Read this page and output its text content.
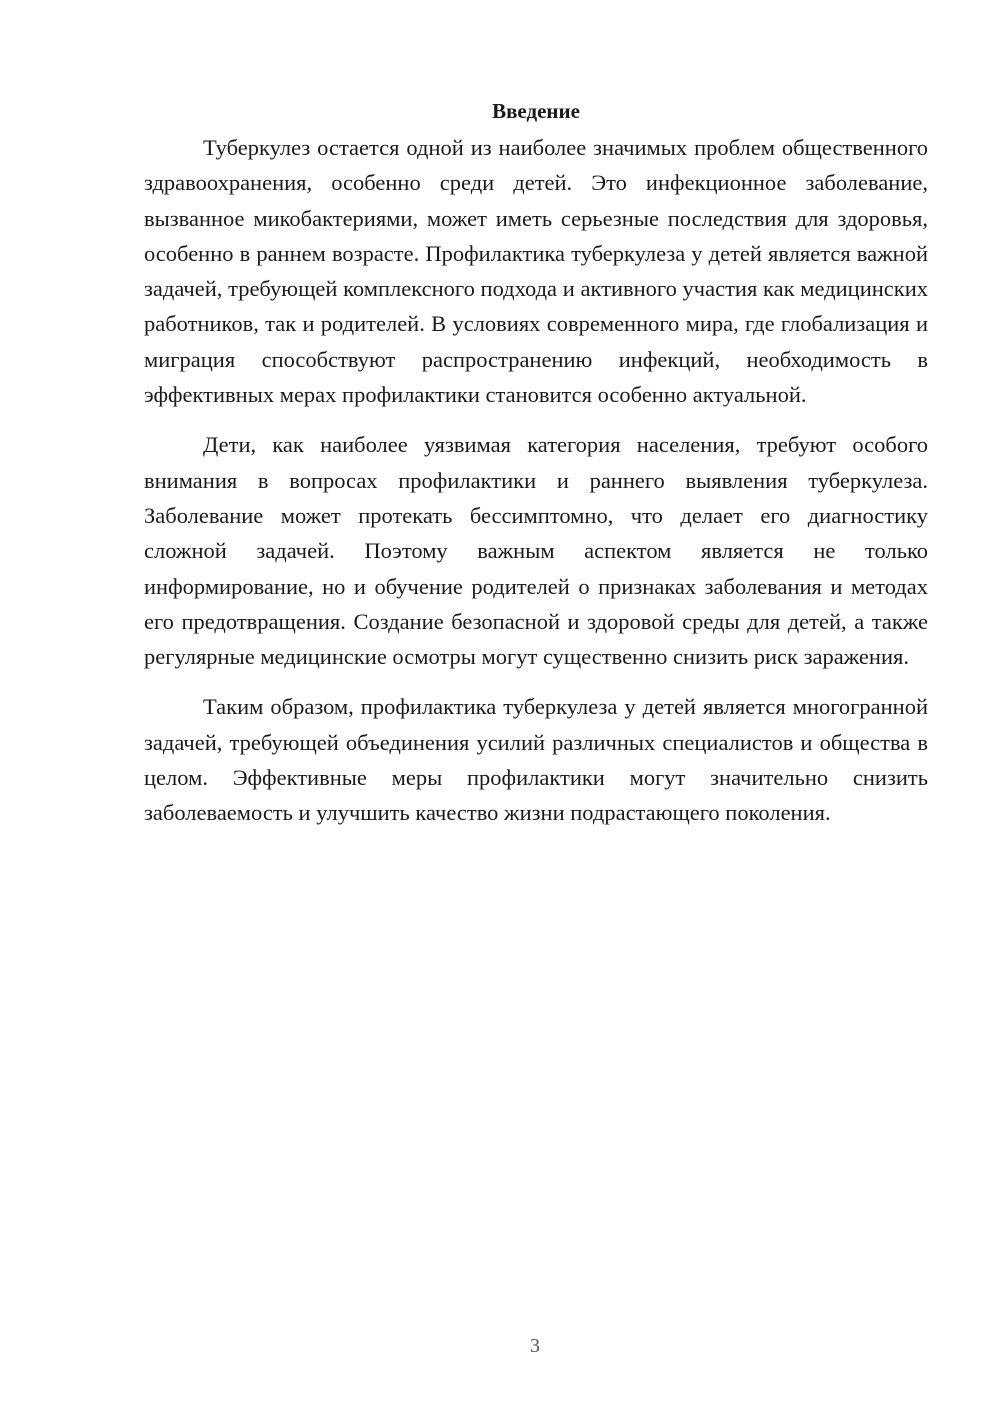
Введение

Туберкулез остается одной из наиболее значимых проблем общественного здравоохранения, особенно среди детей. Это инфекционное заболевание, вызванное микобактериями, может иметь серьезные последствия для здоровья, особенно в раннем возрасте. Профилактика туберкулеза у детей является важной задачей, требующей комплексного подхода и активного участия как медицинских работников, так и родителей. В условиях современного мира, где глобализация и миграция способствуют распространению инфекций, необходимость в эффективных мерах профилактики становится особенно актуальной.

Дети, как наиболее уязвимая категория населения, требуют особого внимания в вопросах профилактики и раннего выявления туберкулеза. Заболевание может протекать бессимптомно, что делает его диагностику сложной задачей. Поэтому важным аспектом является не только информирование, но и обучение родителей о признаках заболевания и методах его предотвращения. Создание безопасной и здоровой среды для детей, а также регулярные медицинские осмотры могут существенно снизить риск заражения.

Таким образом, профилактика туберкулеза у детей является многогранной задачей, требующей объединения усилий различных специалистов и общества в целом. Эффективные меры профилактики могут значительно снизить заболеваемость и улучшить качество жизни подрастающего поколения.

3
